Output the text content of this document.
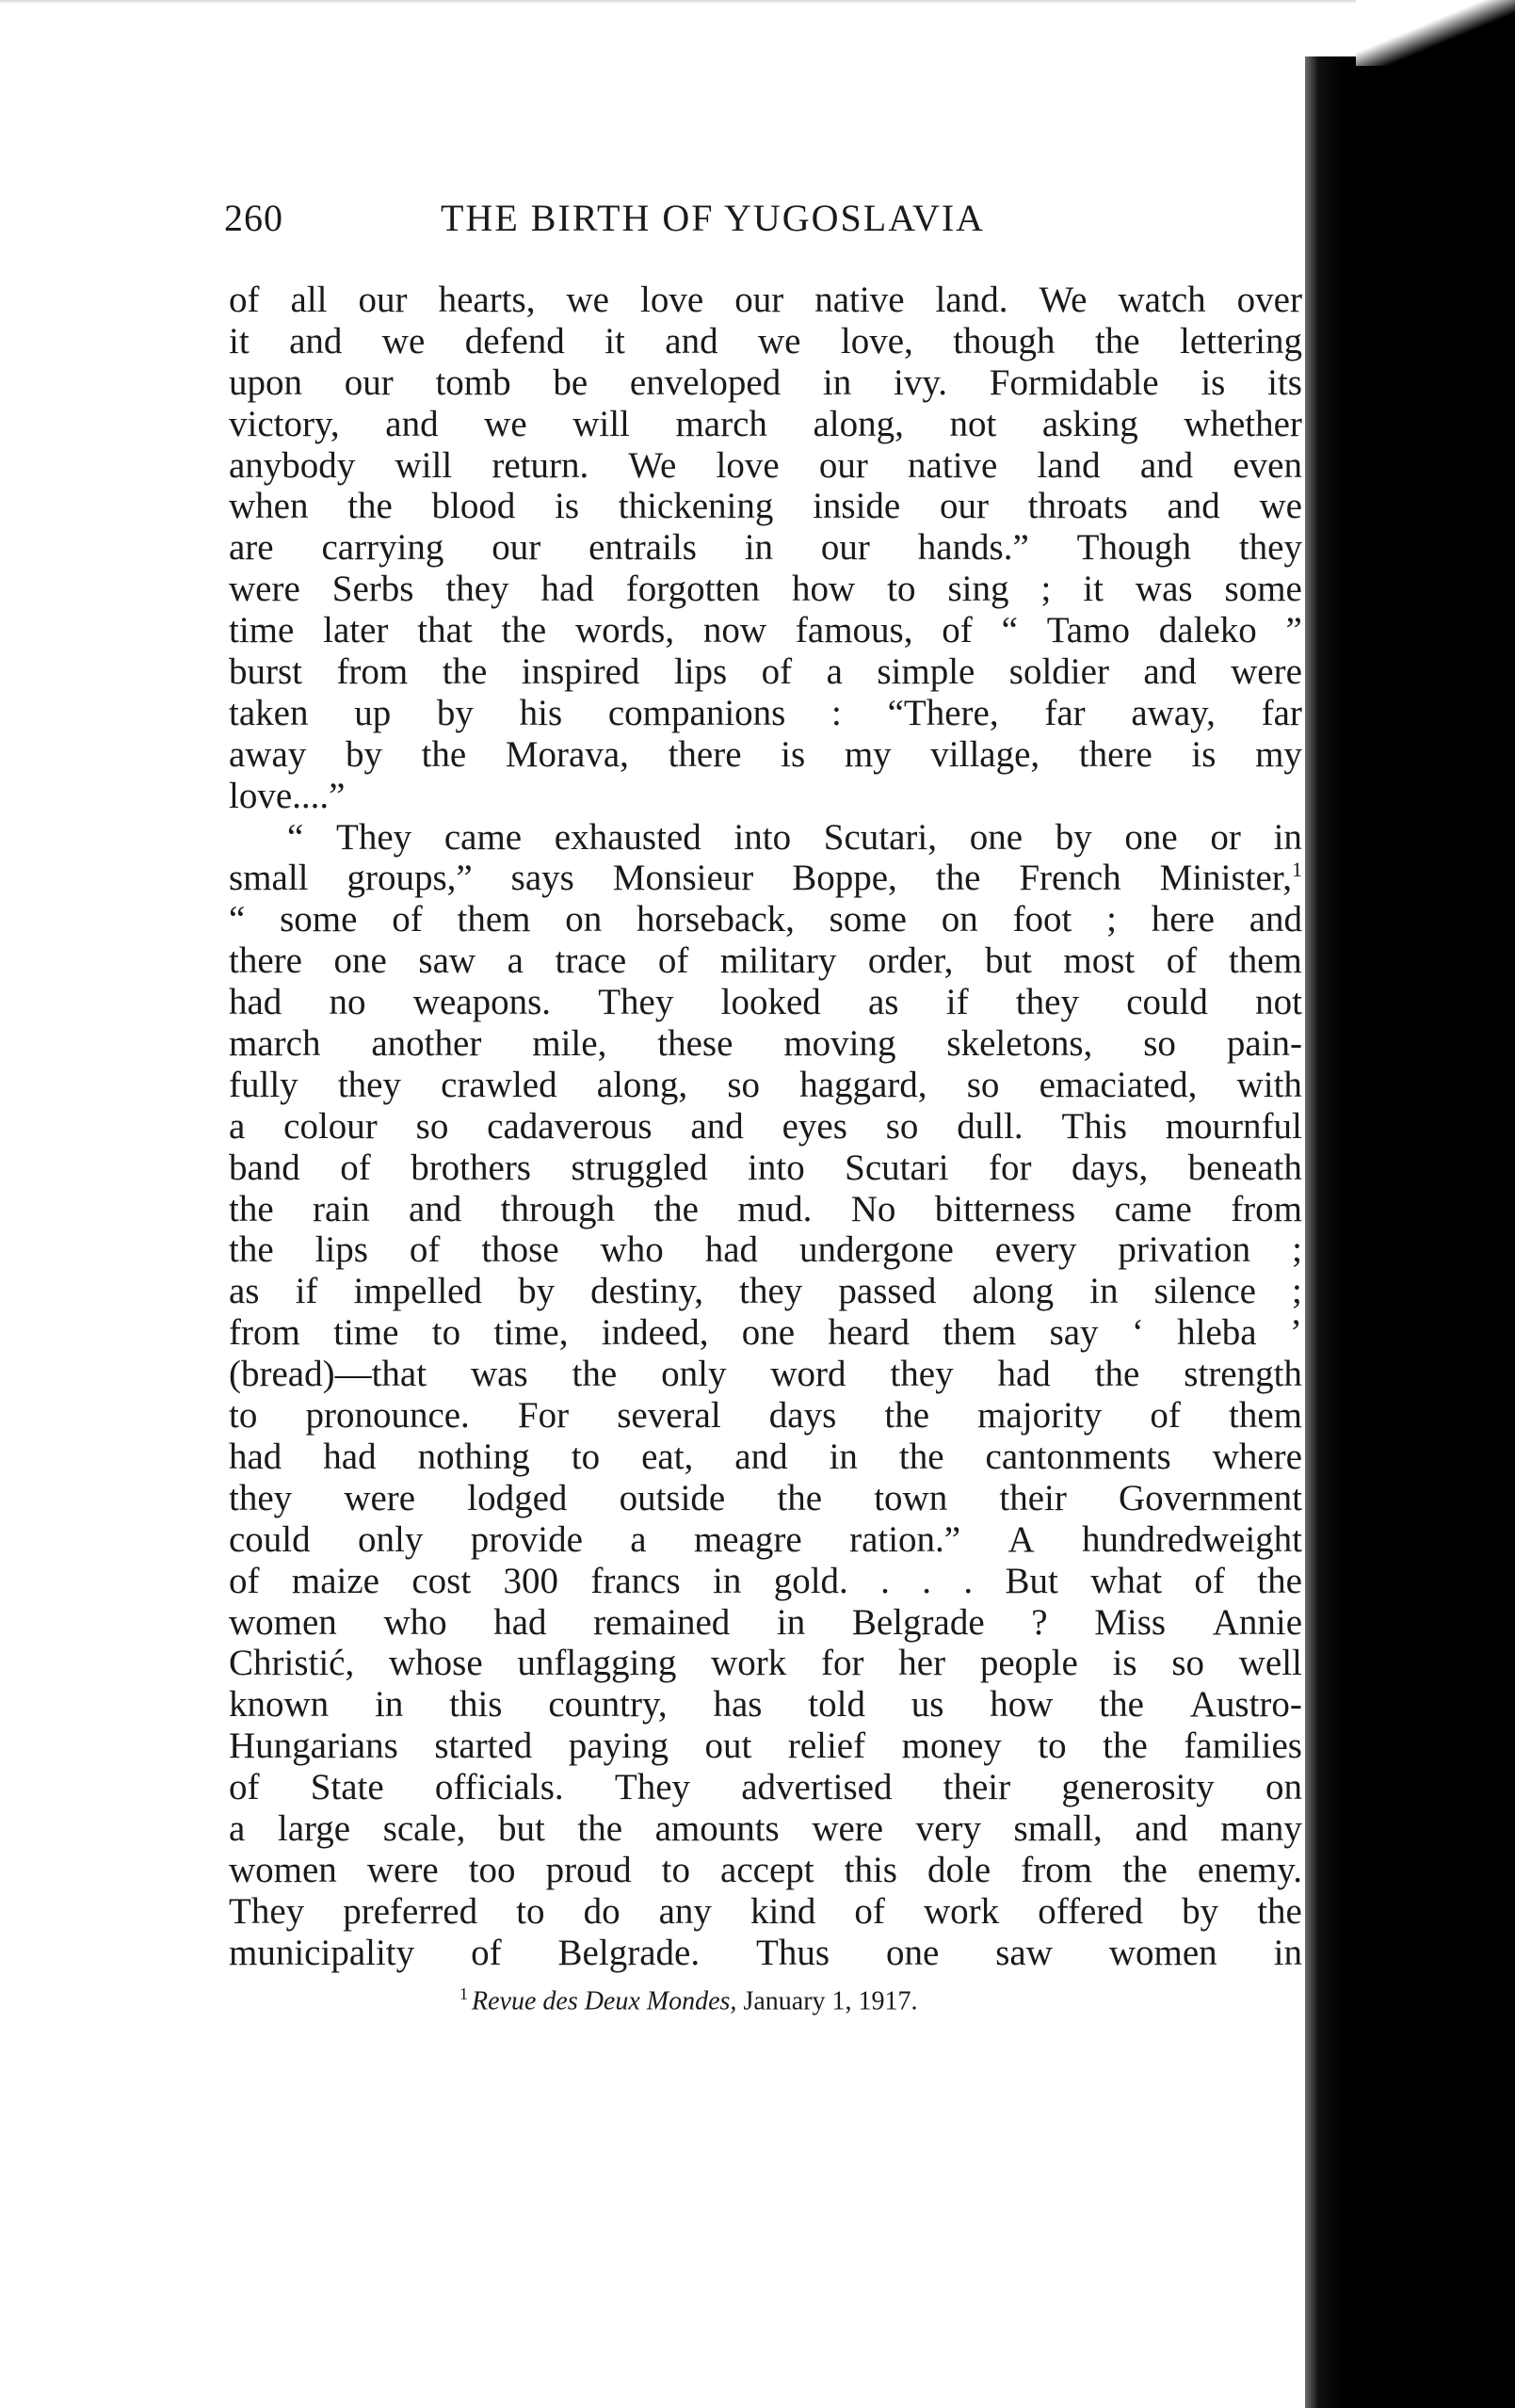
260	THE BIRTH OF YUGOSLAVIA
of all our hearts, we love our native land. We watch over
it and we defend it and we love, though the lettering
upon our tomb be enveloped in ivy. Formidable is its
victory, and we will march along, not asking whether
anybody will return. We love our native land and even
when the blood is thickening inside our throats and we
are carrying our entrails in our hands.” Though they
were Serbs they had forgotten how to sing ; it was some
time later that the words, now famous, of “ Tamo daleko ”
burst from the inspired lips of a simple soldier and were
taken up by his companions : “There, far away, far
away by the Morava, there is my village, there is my
love. . . .”
“ They came exhausted into Scutari, one by one or in
small groups,” says Monsieur Boppe, the French Minister,$^1$
“ some of them on horseback, some on foot ; here and
there one saw a trace of military order, but most of them
had no weapons. They looked as if they could not
march another mile, these moving skeletons, so pain-
fully they crawled along, so haggard, so emaciated, with
a colour so cadaverous and eyes so dull. This mournful
band of brothers struggled into Scutari for days, beneath
the rain and through the mud. No bitterness came from
the lips of those who had undergone every privation ;
as if impelled by destiny, they passed along in silence ;
from time to time, indeed, one heard them say ‘ hleba ’
(bread)—that was the only word they had the strength
to pronounce. For several days the majority of them
had had nothing to eat, and in the cantonments where
they were lodged outside the town their Government
could only provide a meagre ration.” A hundredweight
of maize cost 300 francs in gold. . . . But what of the
women who had remained in Belgrade ? Miss Annie
Christić, whose unflagging work for her people is so well
known in this country, has told us how the Austro-
Hungarians started paying out relief money to the families
of State officials. They advertised their generosity on
a large scale, but the amounts were very small, and many
women were too proud to accept this dole from the enemy.
They preferred to do any kind of work offered by the
municipality of Belgrade. Thus one saw women in
$^1$ Revue des Deux Mondes, January 1, 1917.
